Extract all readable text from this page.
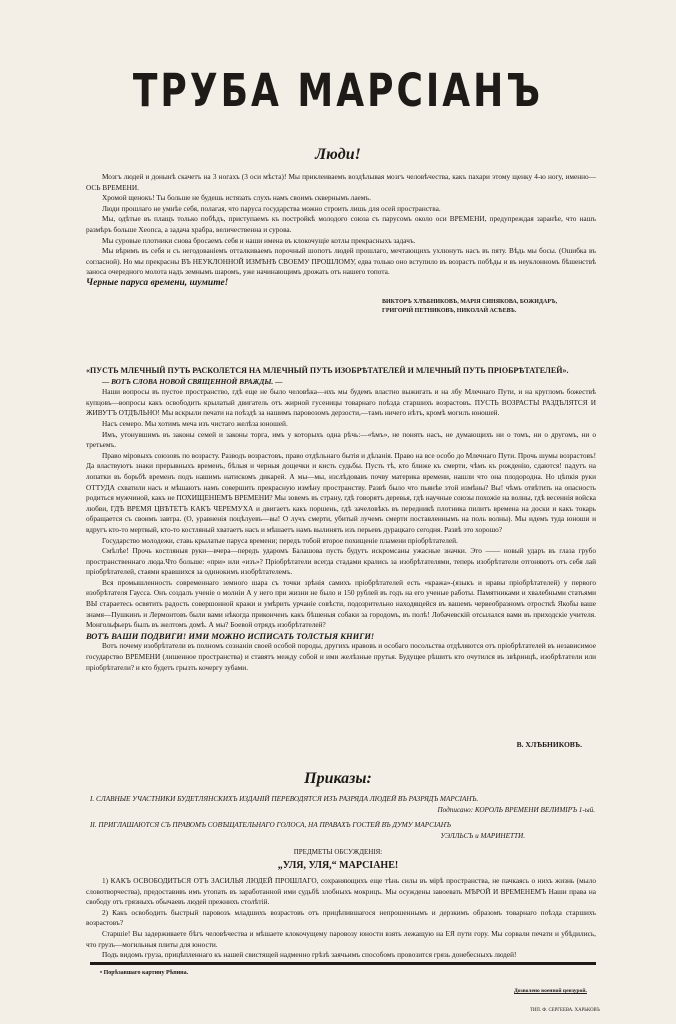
ТРУБА МАРСІАНЪ
Люди!

Мозгъ людей и донынѣ скачетъ на 3 ногахъ (3 оси мѣста)! Мы приклеиваемъ воздѣлывая мозгъ человѣчества, какъ пахари этому щенку 4-ю ногу, именно—ОСЬ ВРЕМЕНИ.

Хромой щенокъ! Ты больше не будешь истязать слухъ намъ своимъ сквернымъ лаемъ.

Люди прошлаго не умнѣе себя, полагая, что паруса государства можно строить лишь для осей пространства.

Мы, одѣтые въ плащъ только побѣдъ, приступаемъ къ постройкѣ молодого союза съ парусомъ около оси ВРЕМЕНИ, предупреждая заранѣе, что нашъ размѣръ больше Хеопса, а задача храбра, величественна и сурова.

Мы суровые плотники снова бросаемъ себя и наши имена въ клокочущіе котлы прекрасныхъ задачъ.

Мы вѣримъ въ себя и съ негодованіемъ отталкиваемъ порочный шопотъ людей прошлаго, мечтающихъ ухлюнуть насъ въ пяту. Вѣдь мы босы. (Ошибка въ согласной). Но мы прекрасны ВЪ НЕУКЛОННОЙ ИЗМѢНѢ СВОЕМУ ПРОШЛОМУ, едва только оно вступило въ возрастъ побѣды и въ неуклонномъ бѣшенствѣ заноса очередного молота надъ земнымъ шаромъ, уже начинающимъ дрожать отъ нашего топота.

Черные паруса времени, шумите!

ВИКТОРЪ ХЛѢБНИКОВЪ, МАРІЯ СИНЯКОВА, БОЖИДАРЪ,
ГРИГОРІЙ ПЕТНИКОВЪ, НИКОЛАЙ АСѢЕВЪ.

«ПУСТЬ МЛЕЧНЫЙ ПУТЬ РАСКОЛЕТСЯ НА МЛЕЧНЫЙ ПУТЬ ИЗОБРѢТАТЕЛЕЙ И МЛЕЧНЫЙ ПУТЬ ПРІОБРѢТАТЕЛЕЙ».

— ВОТЪ СЛОВА НОВОЙ СВЯЩЕННОЙ ВРАЖДЫ. —

Наши вопросы въ пустое пространство, гдѣ еще не было человѣка—ихъ мы будемъ властно выжигать и на лбу Млечнаго Пути, и на кругломъ божествѣ купцовъ—вопросы какъ освободить крылатый двигатель отъ жирной гусеницы товарнаго поѣзда старшихъ возрастовъ. ПУСТЬ ВОЗРАСТЫ РАЗДѢЛЯТСЯ И ЖИВУТЪ ОТДѢЛЬНО! Мы вскрыли печати на поѣздѣ за нашимъ паровозомъ дерзости,—тамъ ничего нѣтъ, кромѣ могилъ юношей.

Насъ семеро. Мы хотимъ меча изъ чистаго желѣза юношей.

Имъ, утонувшимъ въ законы семей и законы торга, имъ у которыхъ одна рѣчь:—«ѣмъ», не понять насъ, не думающихъ ни о томъ, ни о другомъ, ни о третьемъ.

Право міровыхъ союзовъ по возрасту. Разводъ возрастовъ, право отдѣльнаго бытія и дѣланія. Право на все особо до Млечнаго Пути. Прочь шумы возрастовъ! Да властвуютъ знаки прерывныхъ временъ, бѣлыя и черныя дощечки и кисть судьбы. Пусть тѣ, кто ближе къ смерти, чѣмъ къ рожденію, сдаются! падутъ на лопатки въ борьбѣ временъ подъ нашимъ натискомъ дикарей. А мы—мы, изслѣдовавъ почву материка времени, нашли что она плодородна. Но цѣпкія руки ОТТУДА схватили насъ и мѣшаютъ намъ совершить прекрасную измѣну пространству. Развѣ было что пьянѣе этой измѣны? Вы! чѣмъ отвѣтить на опасность родиться мужчиной, какъ не ПОХИЩЕНІЕМЪ ВРЕМЕНИ? Мы зовемъ въ страну, гдѣ говорятъ деревья, гдѣ научные союзы похожіе на волны, гдѣ весеннія войска любви, ГДѢ ВРЕМЯ ЦВѢТЕТЪ КАКЪ ЧЕРЕМУХА и двигаетъ какъ поршень, гдѣ зачеловѣкъ въ передникѣ плотника пилитъ времена на доски и какъ токарь обращается съ своимъ завтра. (О, уравненія поцѣлуевъ—вы! О лучъ смерти, убитый лучемъ смерти поставленнымъ на поль волны). Мы идемъ туда юноши и вдругъ кто-то мертвый, кто-то костляный хватаетъ насъ и мѣшаетъ намъ вылинять изъ перьевъ дурацкаго сегодня. Развѣ это хорошо?

Государство молодежи, ставь крылатые паруса времени; передъ тобой второе похищеніе пламени пріобрѣтателей.

Смѣлѣе! Прочь костляныя руки—вчера—передъ ударомъ Балашова пусть будутъ искромсаны ужасные значки. Это —— новый ударъ въ глаза грубо пространственнаго люда.Что больше: «при» или «изъ»? Пріобрѣтатели всегда стадами крались за изобрѣтателями, теперь изобрѣтатели отгоняютъ отъ себя лай пріобрѣтателей, стаями кравшихся за одинокимъ изобрѣтателемъ.

Вся промышленность современнаго земного шара съ точки зрѣнія самихъ пріобрѣтателей есть «кража»-(языкъ и нравы пріобрѣтателей) у первого изобрѣтателя Гаусса. Онъ создалъ ученіе о молніи А у него при жизни не было и 150 рублей въ годъ на его ученые работы. Памятниками и хвалебными статьями ВЫ стараетесь освятить радость совершонной кражи и умѣрить урчаніе совѣсти, подозрительно находящейся въ вашемъ червеобразномъ отросткѣ Якобы ваше знамя—Пушкинъ и Лермонтовъ были вами нѣкогда приконченъ какъ бѣшеныя собаки за городомъ, въ полѣ! Лобачевскій отсылался вами въ приходскіе учителя. Монгольфьеръ былъ въ желтомъ домѣ. А мы? Боевой отрядъ изобрѣтателей?

ВОТЪ ВАШИ ПОДВИГИ! ИМИ МОЖНО ИСПИСАТЬ ТОЛСТЫЯ КНИГИ!

Вотъ почему изобрѣтатели въ полномъ сознаніи своей особой породы, другихъ нравовъ и особаго посольства отдѣляются отъ пріобрѣтателей въ независимое государство ВРЕМЕНИ (лишенное пространства) и ставятъ между собой и ими желѣзные прутья. Будущее рѣшитъ кто очутился въ звѣринцѣ, изобрѣтатели или пріобрѣтатели? и кто будетъ грызть кочергу зубами.

В. ХЛѢБНИКОВЪ.
Приказы:
I. СЛАВНЫЕ УЧАСТНИКИ БУДЕТЛЯНСКИХЪ ИЗДАНІЙ ПЕРЕВОДЯТСЯ ИЗЪ РАЗРЯДА ЛЮДЕЙ ВЪ РАЗРЯДЪ МАРСІАНЪ.
Подписано: КОРОЛЬ ВРЕМЕНИ ВЕЛИМІРЪ 1-ый.
II. ПРИГЛАШАЮТСЯ СЪ ПРАВОМЪ СОВѢЩАТЕЛЬНАГО ГОЛОСА, НА ПРАВАХЪ ГОСТЕЙ ВЪ ДУМУ МАРСІАНЪ
УЭЛЛЬСЪ и МАРИНЕТТИ.
ПРЕДМЕТЫ ОБСУЖДЕНІЯ:
„УЛЯ, УЛЯ,“ МАРСІАНЕ!

1) КАКЪ ОСВОБОДИТЬСЯ ОТЪ ЗАСИЛЬЯ ЛЮДЕЙ ПРОШЛАГО, сохраняющихъ еще тѣнь силы въ мірѣ пространства, не пачкаясь о нихъ жизнь (мыло словотворчества), предоставивъ имъ утопать въ заработанной ими судьбѣ злобныхъ мокрицъ. Мы осуждены завоевать МѢРОЙ И ВРЕМЕНЕМЪ Наши права на свободу отъ грязныхъ обычаевъ людей прежнихъ столѣтій.

2) Какъ освободить быстрый паровозъ младшихъ возрастовъ отъ прицѣпившагося непрошеннымъ и дерзкимъ образомъ товарнаго поѣзда старшихъ возрастовъ?

Старшіе! Вы задерживаете бѣгъ человѣчества и мѣшаете клокочущему паровозу юности взять лежащую на ЕЯ пути гору. Мы сорвали печати и убѣдились, что грузъ—могильныя плиты для юности.

Подъ видомъ груза, прицѣпленнаго къ нашей свистящей надменно грѣзѣ заячьимъ способомъ провозится грязь донебесныхъ людей!

• Порѣзавшаго картину Рѣпина.
Дозволено военной цензурой.
ТИП. Ф. СЕРГЕЕВА. ХАРЬКОВЪ
